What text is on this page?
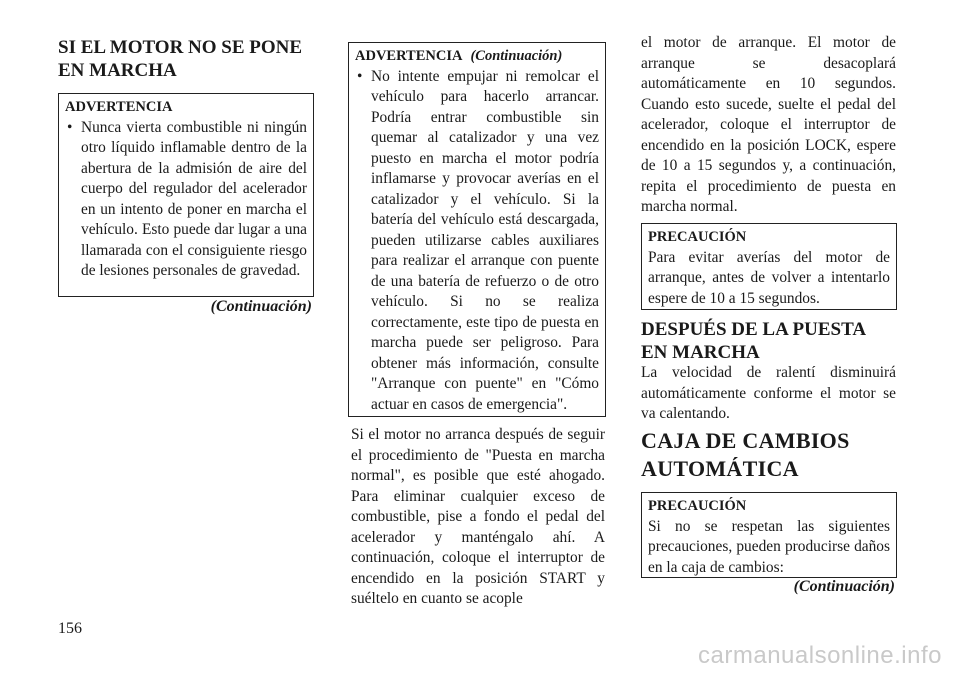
SI EL MOTOR NO SE PONE EN MARCHA
ADVERTENCIA
• Nunca vierta combustible ni ningún otro líquido inflamable dentro de la abertura de la admisión de aire del cuerpo del regulador del acelerador en un intento de poner en marcha el vehículo. Esto puede dar lugar a una llamarada con el consiguiente riesgo de lesiones personales de gravedad.
(Continuación)
ADVERTENCIA (Continuación)
• No intente empujar ni remolcar el vehículo para hacerlo arrancar. Podría entrar combustible sin quemar al catalizador y una vez puesto en marcha el motor podría inflamarse y provocar averías en el catalizador y el vehículo. Si la batería del vehículo está descargada, pueden utilizarse cables auxiliares para realizar el arranque con puente de una batería de refuerzo o de otro vehículo. Si no se realiza correctamente, este tipo de puesta en marcha puede ser peligroso. Para obtener más información, consulte "Arranque con puente" en "Cómo actuar en casos de emergencia".

Si el motor no arranca después de seguir el procedimiento de "Puesta en marcha normal", es posible que esté ahogado. Para eliminar cualquier exceso de combustible, pise a fondo el pedal del acelerador y manténgalo ahí. A continuación, coloque el interruptor de encendido en la posición START y suéltelo en cuanto se acople

el motor de arranque. El motor de arranque se desacoplará automáticamente en 10 segundos. Cuando esto sucede, suelte el pedal del acelerador, coloque el interruptor de encendido en la posición LOCK, espere de 10 a 15 segundos y, a continuación, repita el procedimiento de puesta en marcha normal.

PRECAUCIÓN
Para evitar averías del motor de arranque, antes de volver a intentarlo espere de 10 a 15 segundos.
DESPUÉS DE LA PUESTA EN MARCHA

La velocidad de ralentí disminuirá automáticamente conforme el motor se va calentando.

CAJA DE CAMBIOS AUTOMÁTICA
PRECAUCIÓN
Si no se respetan las siguientes precauciones, pueden producirse daños en la caja de cambios:
(Continuación)
156
carmanualsonline.info
